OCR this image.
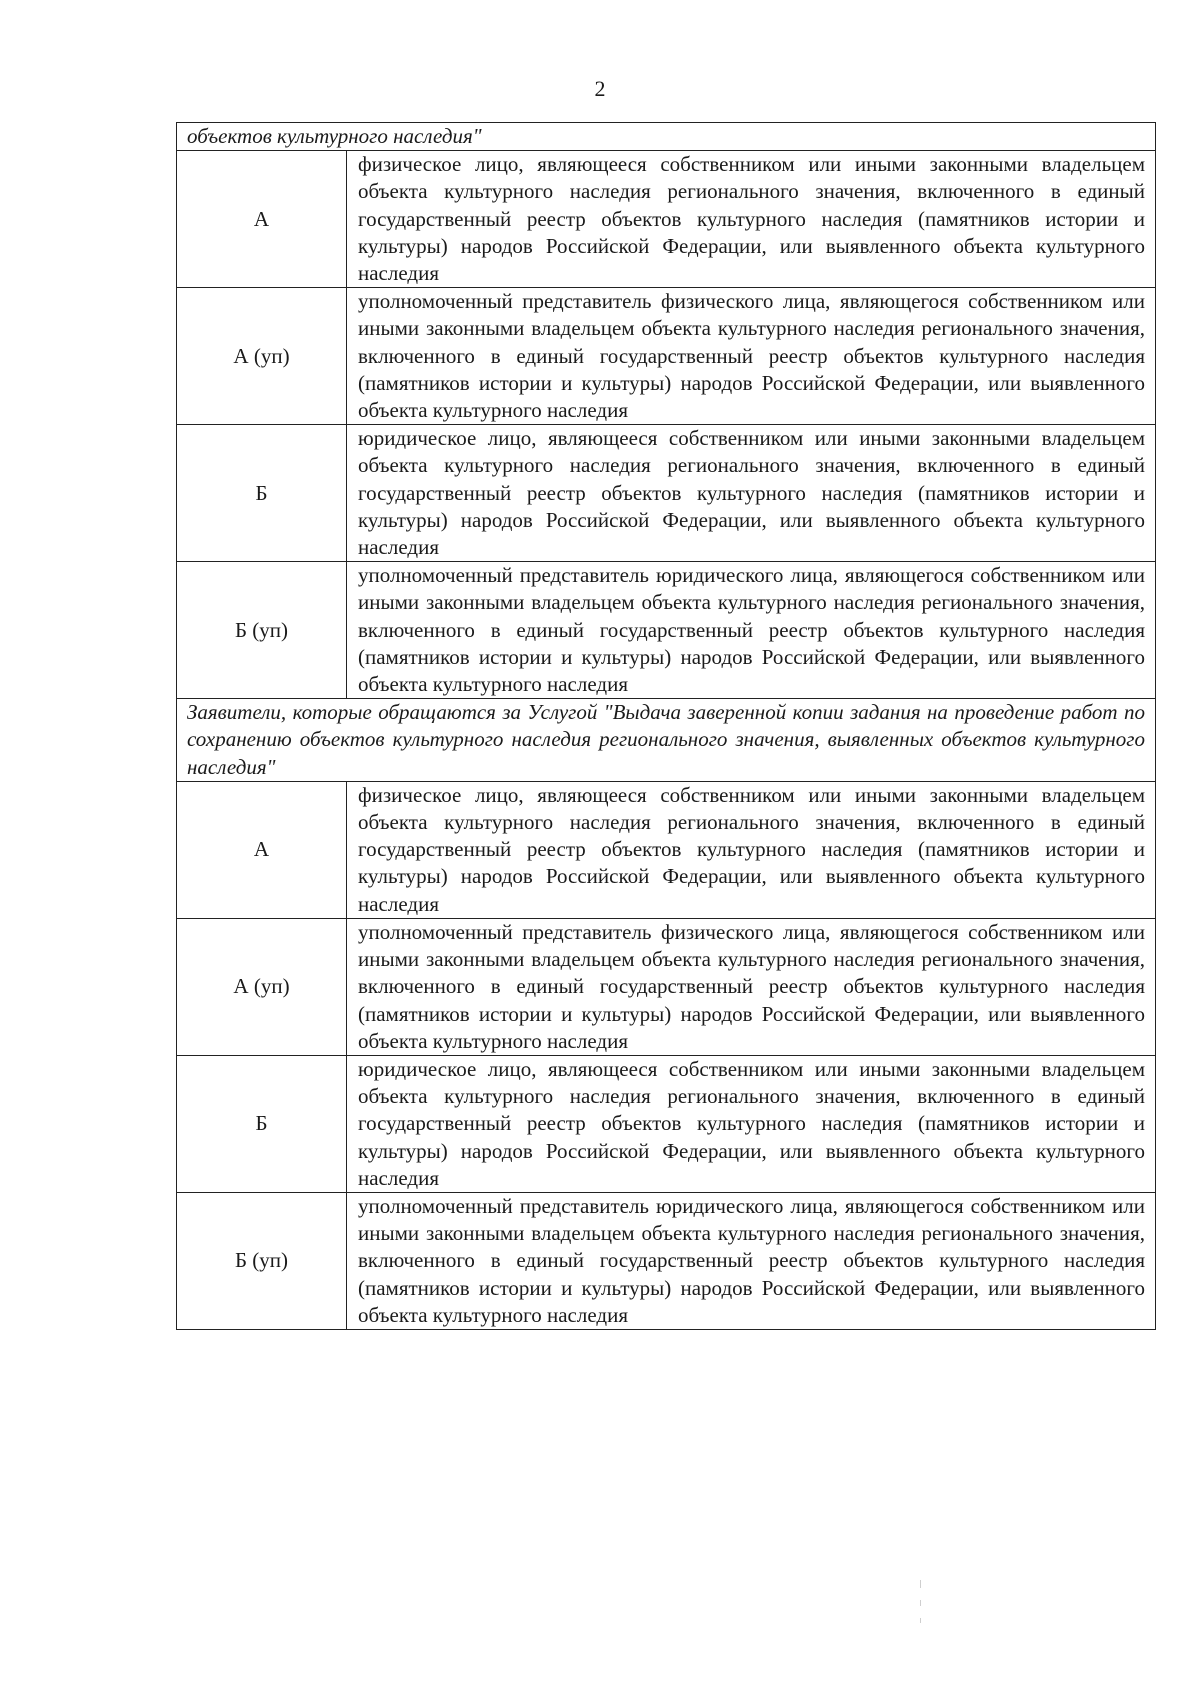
2
объектов культурного наследия"	
А	физическое лицо, являющееся собственником или иными законными владельцем объекта культурного наследия регионального значения, включенного в единый государственный реестр объектов культурного наследия (памятников истории и культуры) народов Российской Федерации, или выявленного объекта культурного наследия
А (уп)	уполномоченный представитель физического лица, являющегося собственником или иными законными владельцем объекта культурного наследия регионального значения, включенного в единый государственный реестр объектов культурного наследия (памятников истории и культуры) народов Российской Федерации, или выявленного объекта культурного наследия
Б	юридическое лицо, являющееся собственником или иными законными владельцем объекта культурного наследия регионального значения, включенного в единый государственный реестр объектов культурного наследия (памятников истории и культуры) народов Российской Федерации, или выявленного объекта культурного наследия
Б (уп)	уполномоченный представитель юридического лица, являющегося собственником или иными законными владельцем объекта культурного наследия регионального значения, включенного в единый государственный реестр объектов культурного наследия (памятников истории и культуры) народов Российской Федерации, или выявленного объекта культурного наследия
Заявители, которые обращаются за Услугой "Выдача заверенной копии задания на проведение работ по сохранению объектов культурного наследия регионального значения, выявленных объектов культурного наследия"	
А	физическое лицо, являющееся собственником или иными законными владельцем объекта культурного наследия регионального значения, включенного в единый государственный реестр объектов культурного наследия (памятников истории и культуры) народов Российской Федерации, или выявленного объекта культурного наследия
А (уп)	уполномоченный представитель физического лица, являющегося собственником или иными законными владельцем объекта культурного наследия регионального значения, включенного в единый государственный реестр объектов культурного наследия (памятников истории и культуры) народов Российской Федерации, или выявленного объекта культурного наследия
Б	юридическое лицо, являющееся собственником или иными законными владельцем объекта культурного наследия регионального значения, включенного в единый государственный реестр объектов культурного наследия (памятников истории и культуры) народов Российской Федерации, или выявленного объекта культурного наследия
Б (уп)	уполномоченный представитель юридического лица, являющегося собственником или иными законными владельцем объекта культурного наследия регионального значения, включенного в единый государственный реестр объектов культурного наследия (памятников истории и культуры) народов Российской Федерации, или выявленного объекта культурного наследия
